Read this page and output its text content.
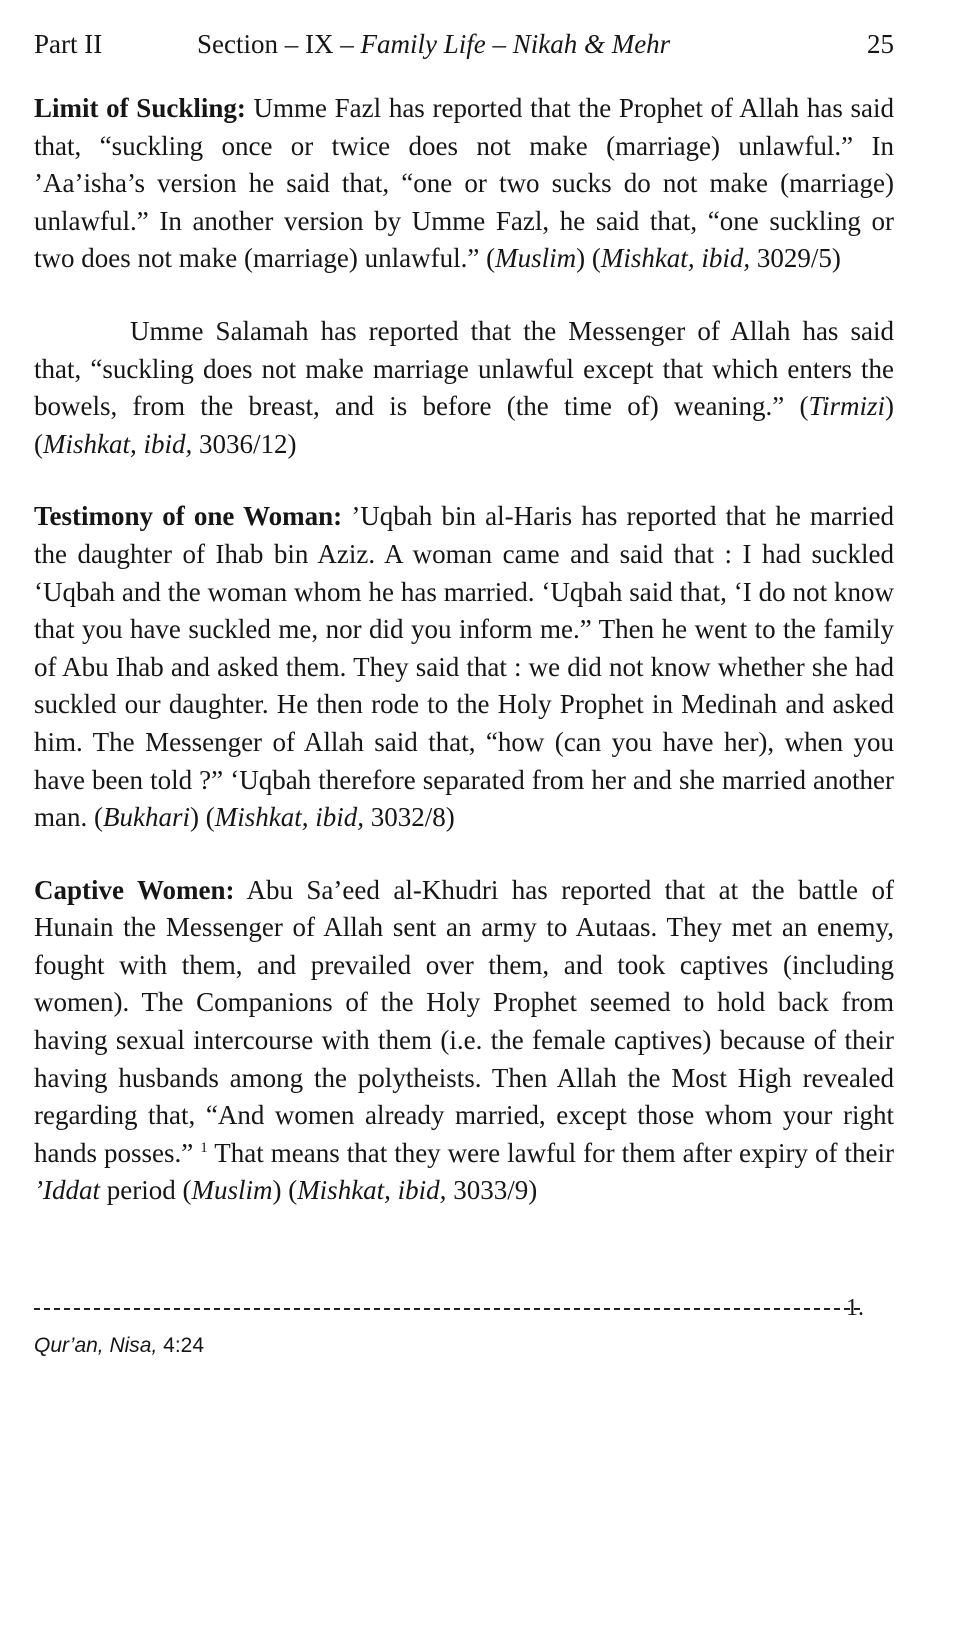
Part II	Section – IX – Family Life – Nikah & Mehr	25

Limit of Suckling: Umme Fazl has reported that the Prophet of Allah has said that, “suckling once or twice does not make (marriage) unlawful.” In ’Aa’isha’s version he said that, “one or two sucks do not make (marriage) unlawful.” In another version by Umme Fazl, he said that, “one suckling or two does not make (marriage) unlawful.” (Muslim) (Mishkat, ibid, 3029/5)

Umme Salamah has reported that the Messenger of Allah has said that, “suckling does not make marriage unlawful except that which enters the bowels, from the breast, and is before (the time of) weaning.” (Tirmizi) (Mishkat, ibid, 3036/12)

Testimony of one Woman: ’Uqbah bin al-Haris has reported that he married the daughter of Ihab bin Aziz. A woman came and said that : I had suckled ‘Uqbah and the woman whom he has married. ‘Uqbah said that, ‘I do not know that you have suckled me, nor did you inform me.” Then he went to the family of Abu Ihab and asked them. They said that : we did not know whether she had suckled our daughter. He then rode to the Holy Prophet in Medinah and asked him. The Messenger of Allah said that, “how (can you have her), when you have been told ?” ‘Uqbah therefore separated from her and she married another man. (Bukhari) (Mishkat, ibid, 3032/8)

Captive Women: Abu Sa’eed al-Khudri has reported that at the battle of Hunain the Messenger of Allah sent an army to Autaas. They met an enemy, fought with them, and prevailed over them, and took captives (including women). The Companions of the Holy Prophet seemed to hold back from having sexual intercourse with them (i.e. the female captives) because of their having husbands among the polytheists. Then Allah the Most High revealed regarding that, “And women already married, except those whom your right hands posses.” $^1$ That means that they were lawful for them after expiry of their ’Iddat period (Muslim) (Mishkat, ibid, 3033/9)

1.
Qur’an, Nisa, 4:24
